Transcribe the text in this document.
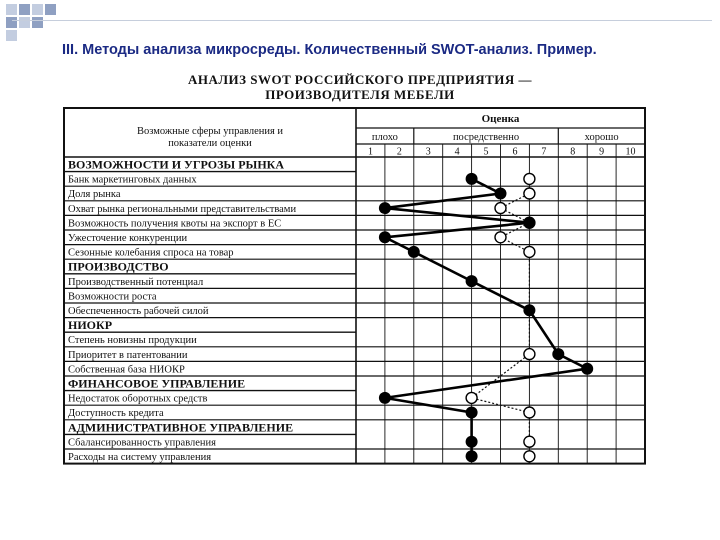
III. Методы анализа микросреды. Количественный SWOT-анализ. Пример.
АНАЛИЗ SWOT РОССИЙСКОГО ПРЕДПРИЯТИЯ —
ПРОИЗВОДИТЕЛЯ МЕБЕЛИ
ВОЗМОЖНОСТИ И УГРОЗЫ РЫНКА
Банк маркетинговых данных
Доля рынка
Охват рынка региональными представительствами
Возможность получения квоты на экспорт в ЕС
Ужесточение конкуренции
Сезонные колебания спроса на товар
ПРОИЗВОДСТВО
Производственный потенциал
Возможности роста
Обеспеченность рабочей силой
НИОКР
Степень новизны продукции
Приоритет в патентовании
Собственная база НИОКР
ФИНАНСОВОЕ УПРАВЛЕНИЕ
Недостаток оборотных средств
Доступность кредита
АДМИНИСТРАТИВНОЕ УПРАВЛЕНИЕ
Сбалансированность управления
Расходы на систему управления
Оценка
Возможные сферы управления и
показатели оценки
плохо	посредственно	хорошо
1 2 3 4 5 6 7 8 9 10
